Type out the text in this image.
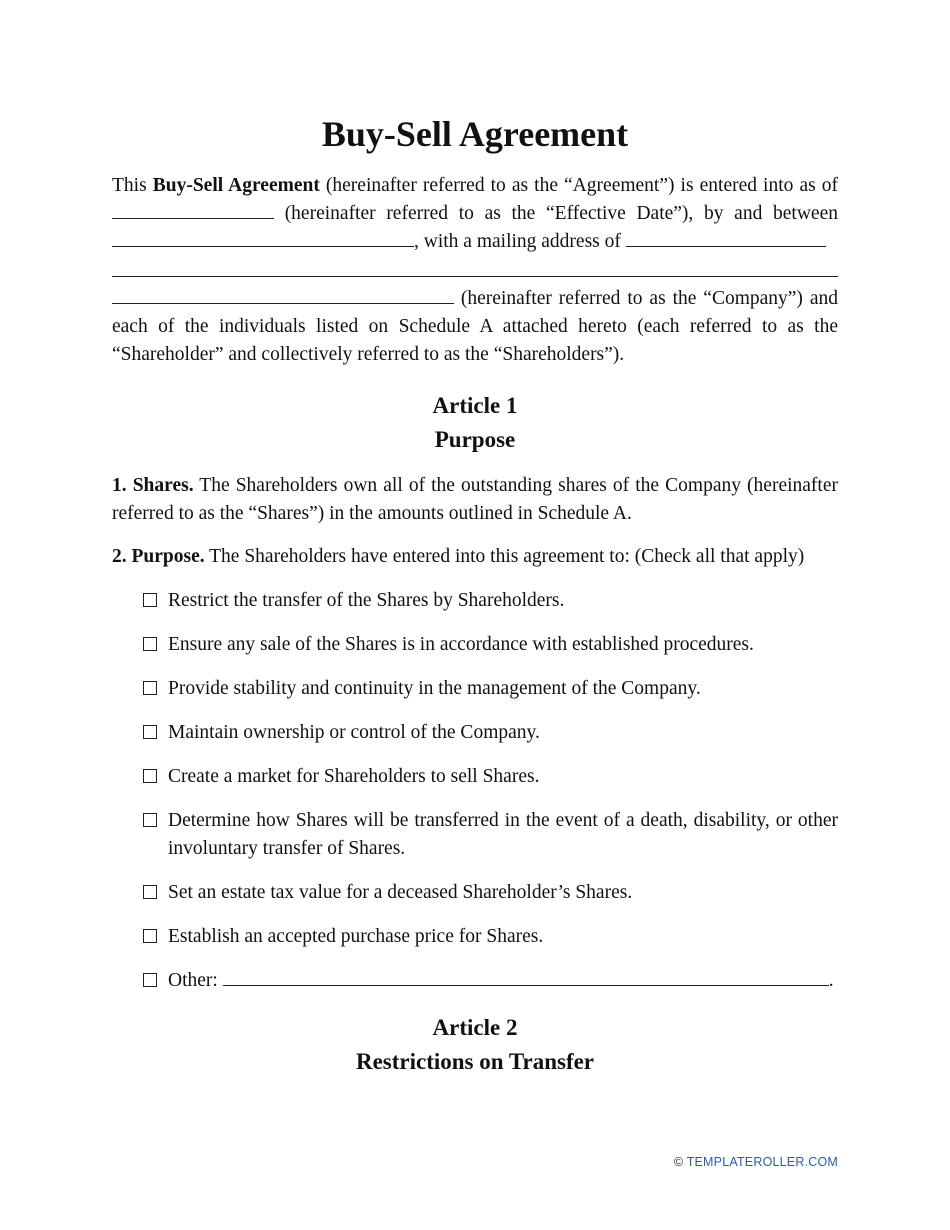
Buy-Sell Agreement

This Buy-Sell Agreement (hereinafter referred to as the “Agreement”) is entered into as of  (hereinafter referred to as the “Effective Date”), by and between , with a mailing address of

(hereinafter referred to as the “Company”) and each of the individuals listed on Schedule A attached hereto (each referred to as the “Shareholder” and collectively referred to as the “Shareholders”).

Article 1
Purpose

1. Shares. The Shareholders own all of the outstanding shares of the Company (hereinafter referred to as the “Shares”) in the amounts outlined in Schedule A.

2. Purpose. The Shareholders have entered into this agreement to: (Check all that apply)

Restrict the transfer of the Shares by Shareholders.
Ensure any sale of the Shares is in accordance with established procedures.
Provide stability and continuity in the management of the Company.
Maintain ownership or control of the Company.
Create a market for Shareholders to sell Shares.
Determine how Shares will be transferred in the event of a death, disability, or other involuntary transfer of Shares.
Set an estate tax value for a deceased Shareholder’s Shares.
Establish an accepted purchase price for Shares.
Other:	.
Article 2
Restrictions on Transfer
© TEMPLATEROLLER.COM
